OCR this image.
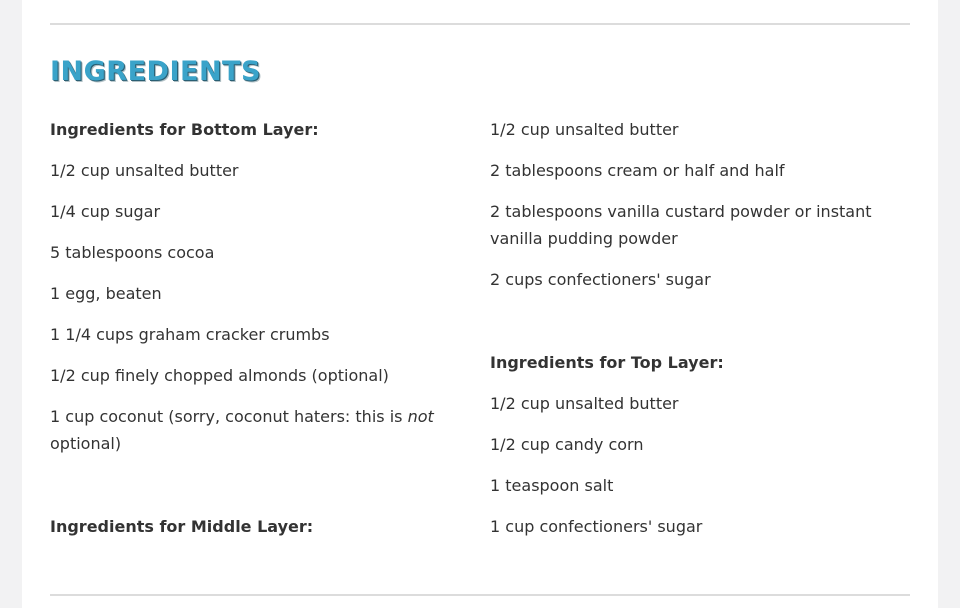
INGREDIENTS

Ingredients for Bottom Layer:

1/2 cup unsalted butter

1/4 cup sugar

5 tablespoons cocoa

1 egg, beaten

1 1/4 cups graham cracker crumbs

1/2 cup finely chopped almonds (optional)

1 cup coconut (sorry, coconut haters: this is not optional)

Ingredients for Middle Layer:

1/2 cup unsalted butter

2 tablespoons cream or half and half

2 tablespoons vanilla custard powder or instant vanilla pudding powder

2 cups confectioners' sugar

Ingredients for Top Layer:

1/2 cup unsalted butter

1/2 cup candy corn

1 teaspoon salt

1 cup confectioners' sugar
